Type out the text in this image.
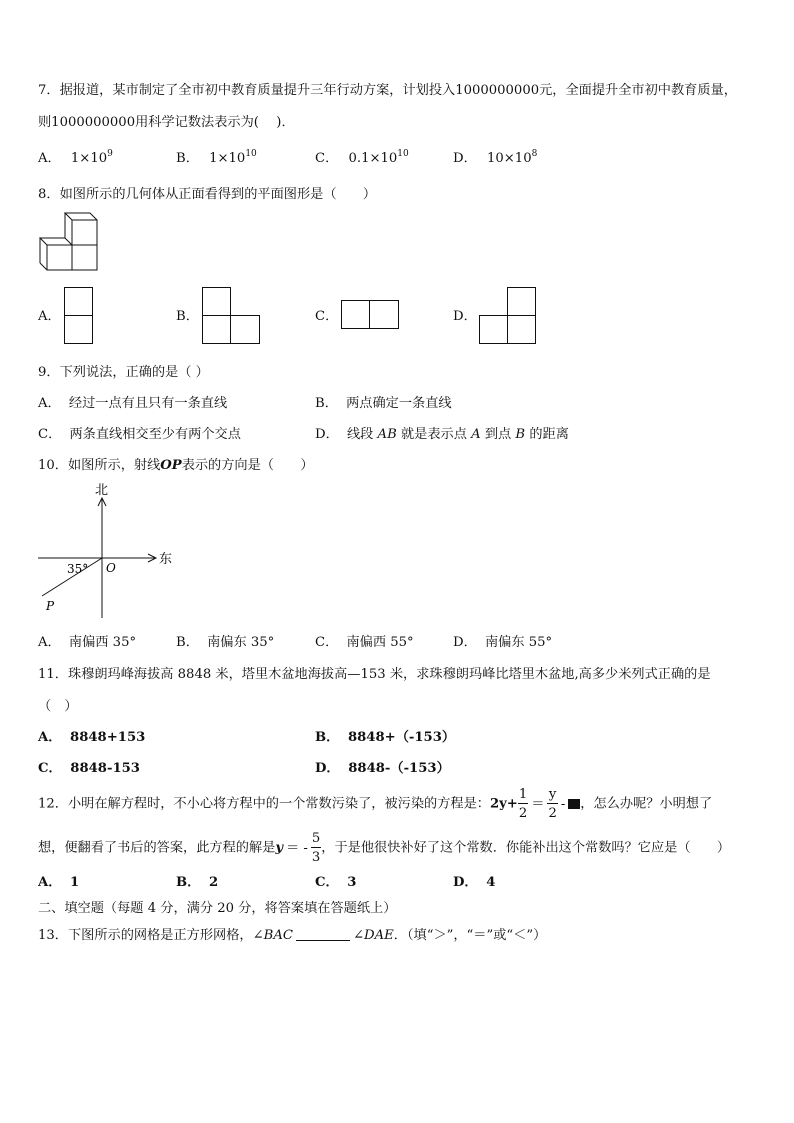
7．据报道，某市制定了全市初中教育质量提升三年行动方案，计划投入1000000000元，全面提升全市初中教育质量，
则1000000000用科学记数法表示为(　 )．
A． $1\times 10^9$	B． $1\times 10^{10}$	C． $0.1\times 10^{10}$	D． $10\times 10^8$
8．如图所示的几何体从正面看得到的平面图形是（　　）
A．	B．	C．	D．
9．下列说法，正确的是（ ）
A． 经过一点有且只有一条直线	B． 两点确定一条直线
C． 两条直线相交至少有两个交点	D． 线段 AB 就是表示点 A 到点 B 的距离
10．如图所示，射线OP表示的方向是（　　）
北
东
35° O
P
A． 南偏西 35°	B． 南偏东 35°	C． 南偏西 55°	D． 南偏东 55°
11．珠穆朗玛峰海拔高 8848 米，塔里木盆地海拔高—153 米，求珠穆朗玛峰比塔里木盆地,高多少米列式正确的是
（　）
A． 8848+153	B． 8848+（-153）
C． 8848-153	D． 8848-（-153）
12．小明在解方程时，不小心将方程中的一个常数污染了，被污染的方程是：$2y+ \frac{1}{2} = \frac{y}{2}$ - ，怎么办呢？小明想了
想，便翻看了书后的答案，此方程的解是y ＝ - $\frac{5}{3}$ ，于是他很快补好了这个常数．你能补出这个常数吗？它应是（　　）
A． 1	B． 2	C． 3	D． 4
二、填空题（每题 4 分，满分 20 分，将答案填在答题纸上）
13．下图所示的网格是正方形网格，∠BAC	∠DAE．（填“＞”，“＝”或“＜”）
